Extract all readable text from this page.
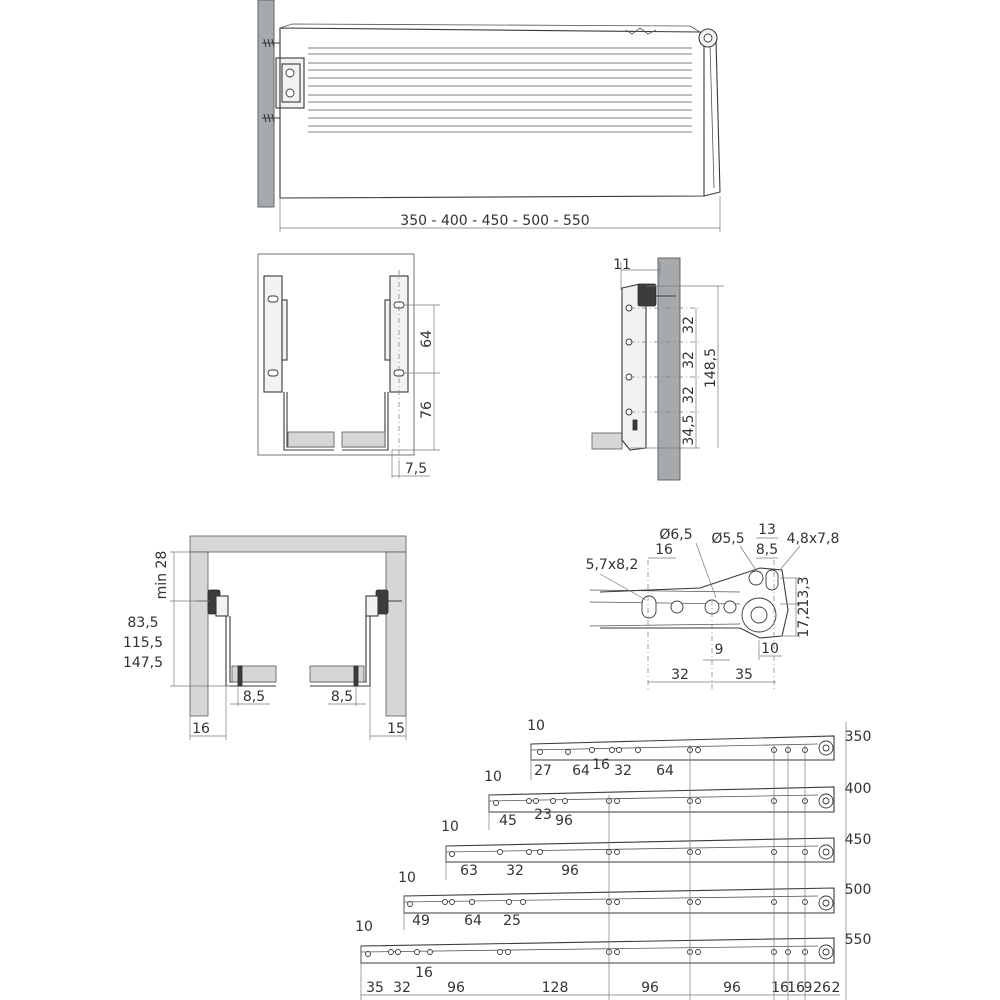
350 - 400 - 450 - 500 - 550
64
76
7,5
11
32
32
32
34,5
148,5
min 28
83,5
115,5
147,5
8,5	8,5
16	15
32	35
9	10
13,3
17,2
Ø6,5
16
Ø5,5
13
8,5
4,8x7,8
5,7x8,2
350
10
27 64 16 32 64
400
10
45 23 96
450
10
63 32	96
500
10
49 64 25
550
10
16
35 32	96	128	96	96 16
16
9 26 2
